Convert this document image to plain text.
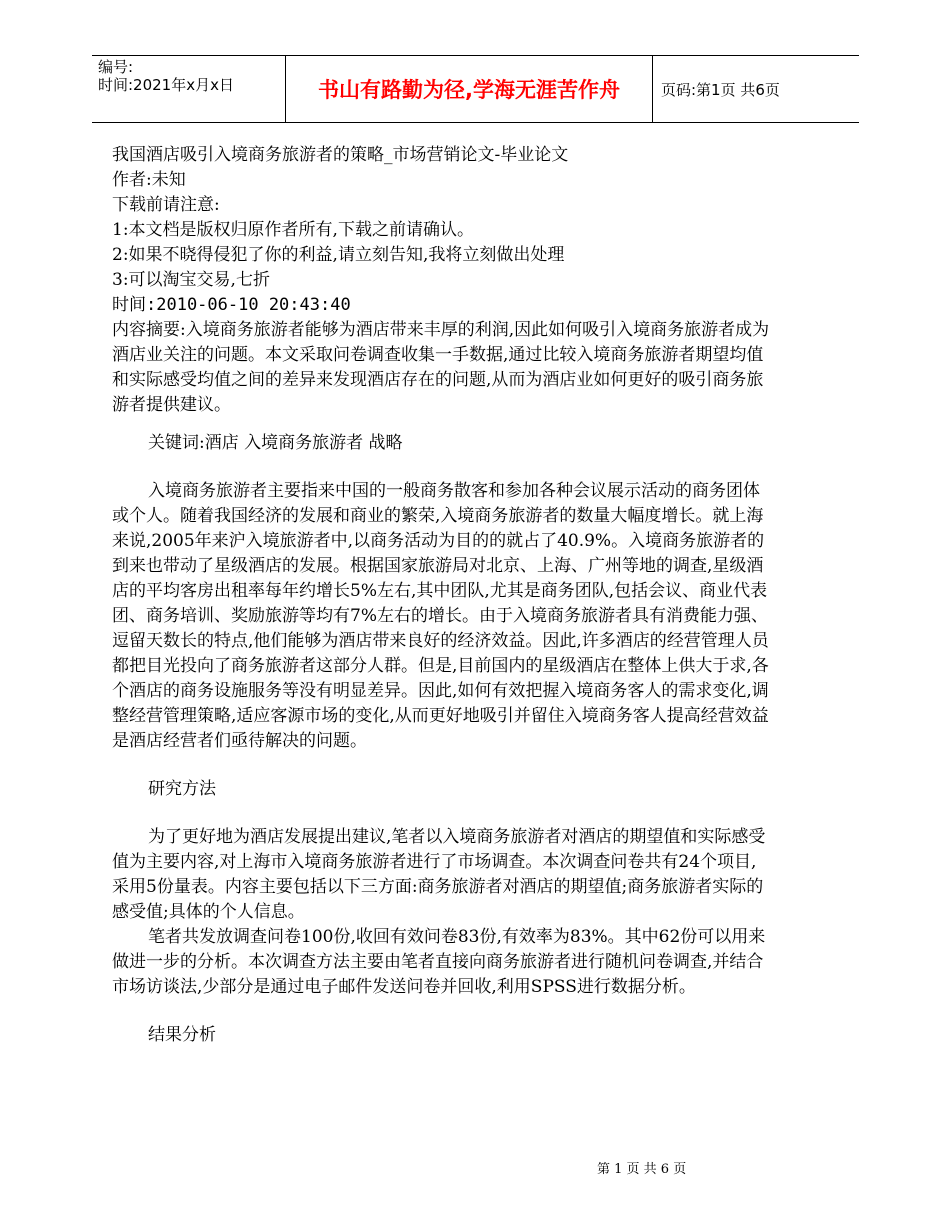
编号:
时间:2021年x月x日	书山有路勤为径,学海无涯苦作舟	页码:第1页 共6页

我国酒店吸引入境商务旅游者的策略_市场营销论文-毕业论文

作者:未知

下载前请注意:

1:本文档是版权归原作者所有,下载之前请确认。

2:如果不晓得侵犯了你的利益,请立刻告知,我将立刻做出处理

3:可以淘宝交易,七折

时间:2010-06-10 20:43:40

内容摘要:入境商务旅游者能够为酒店带来丰厚的利润,因此如何吸引入境商务旅游者成为酒店业关注的问题。本文采取问卷调查收集一手数据,通过比较入境商务旅游者期望均值和实际感受均值之间的差异来发现酒店存在的问题,从而为酒店业如何更好的吸引商务旅游者提供建议。

关键词:酒店 入境商务旅游者 战略

入境商务旅游者主要指来中国的一般商务散客和参加各种会议展示活动的商务团体或个人。随着我国经济的发展和商业的繁荣,入境商务旅游者的数量大幅度增长。就上海来说,2005年来沪入境旅游者中,以商务活动为目的的就占了40.9%。入境商务旅游者的到来也带动了星级酒店的发展。根据国家旅游局对北京、上海、广州等地的调查,星级酒店的平均客房出租率每年约增长5%左右,其中团队,尤其是商务团队,包括会议、商业代表团、商务培训、奖励旅游等均有7%左右的增长。由于入境商务旅游者具有消费能力强、逗留天数长的特点,他们能够为酒店带来良好的经济效益。因此,许多酒店的经营管理人员都把目光投向了商务旅游者这部分人群。但是,目前国内的星级酒店在整体上供大于求,各个酒店的商务设施服务等没有明显差异。因此,如何有效把握入境商务客人的需求变化,调整经营管理策略,适应客源市场的变化,从而更好地吸引并留住入境商务客人提高经营效益是酒店经营者们亟待解决的问题。

研究方法

为了更好地为酒店发展提出建议,笔者以入境商务旅游者对酒店的期望值和实际感受值为主要内容,对上海市入境商务旅游者进行了市场调查。本次调查问卷共有24个项目,采用5份量表。内容主要包括以下三方面:商务旅游者对酒店的期望值;商务旅游者实际的感受值;具体的个人信息。

笔者共发放调查问卷100份,收回有效问卷83份,有效率为83%。其中62份可以用来做进一步的分析。本次调查方法主要由笔者直接向商务旅游者进行随机问卷调查,并结合市场访谈法,少部分是通过电子邮件发送问卷并回收,利用SPSS进行数据分析。

结果分析

第 1 页 共 6 页
